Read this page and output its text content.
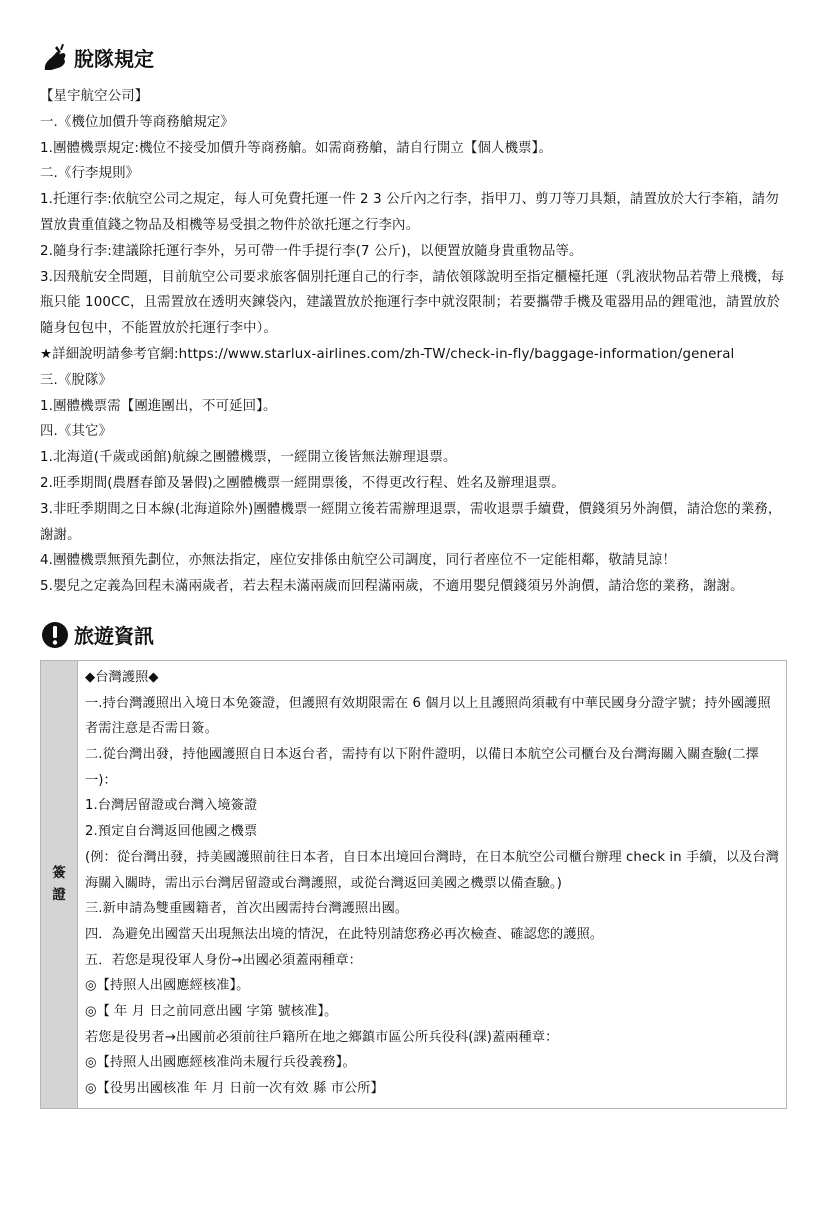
脫隊規定

【星宇航空公司】

一.《機位加價升等商務艙規定》

1.團體機票規定:機位不接受加價升等商務艙。如需商務艙，請自行開立【個人機票】。

二.《行李規則》

1.托運行李:依航空公司之規定，每人可免費托運一件 2 3 公斤內之行李，指甲刀、剪刀等刀具類，請置放於大行李箱，請勿置放貴重值錢之物品及相機等易受損之物件於欲托運之行李內。

2.隨身行李:建議除托運行李外，另可帶一件手提行李(7 公斤)，以便置放隨身貴重物品等。

3.因飛航安全問題，目前航空公司要求旅客個別托運自己的行李，請依領隊說明至指定櫃檯托運（乳液狀物品若帶上飛機，每瓶只能 100CC，且需置放在透明夾鍊袋內，建議置放於拖運行李中就沒限制；若要攜帶手機及電器用品的鋰電池，請置放於隨身包包中，不能置放於托運行李中）。

★詳細說明請參考官網:https://www.starlux-airlines.com/zh-TW/check-in-fly/baggage-information/general

三.《脫隊》

1.團體機票需【團進團出，不可延回】。

四.《其它》

1.北海道(千歲或函館)航線之團體機票，一經開立後皆無法辦理退票。

2.旺季期間(農曆春節及暑假)之團體機票一經開票後，不得更改行程、姓名及辦理退票。

3.非旺季期間之日本線(北海道除外)團體機票一經開立後若需辦理退票，需收退票手續費，價錢須另外詢價，請洽您的業務，謝謝。

4.團體機票無預先劃位，亦無法指定，座位安排係由航空公司調度，同行者座位不一定能相鄰，敬請見諒！

5.嬰兒之定義為回程未滿兩歲者，若去程未滿兩歲而回程滿兩歲，不適用嬰兒價錢須另外詢價，請洽您的業務，謝謝。

旅遊資訊
簽證

◆台灣護照◆

一.持台灣護照出入境日本免簽證，但護照有效期限需在 6 個月以上且護照尚須載有中華民國身分證字號；持外國護照者需注意是否需日簽。

二.從台灣出發，持他國護照自日本返台者，需持有以下附件證明，以備日本航空公司櫃台及台灣海關入關查驗(二擇一)：

1.台灣居留證或台灣入境簽證

2.預定自台灣返回他國之機票

(例：從台灣出發，持美國護照前往日本者，自日本出境回台灣時，在日本航空公司櫃台辦理 check in 手續，以及台灣海關入關時，需出示台灣居留證或台灣護照，或從台灣返回美國之機票以備查驗。)

三.新申請為雙重國籍者，首次出國需持台灣護照出國。

四．為避免出國當天出現無法出境的情況，在此特別請您務必再次檢查、確認您的護照。

五．若您是現役軍人身份→出國必須蓋兩種章：

◎【持照人出國應經核准】。

◎【 年 月 日之前同意出國 字第 號核准】。

若您是役男者→出國前必須前往戶籍所在地之鄉鎮市區公所兵役科(課)蓋兩種章：

◎【持照人出國應經核准尚未履行兵役義務】。

◎【役男出國核准 年 月 日前一次有效 縣 市公所】
